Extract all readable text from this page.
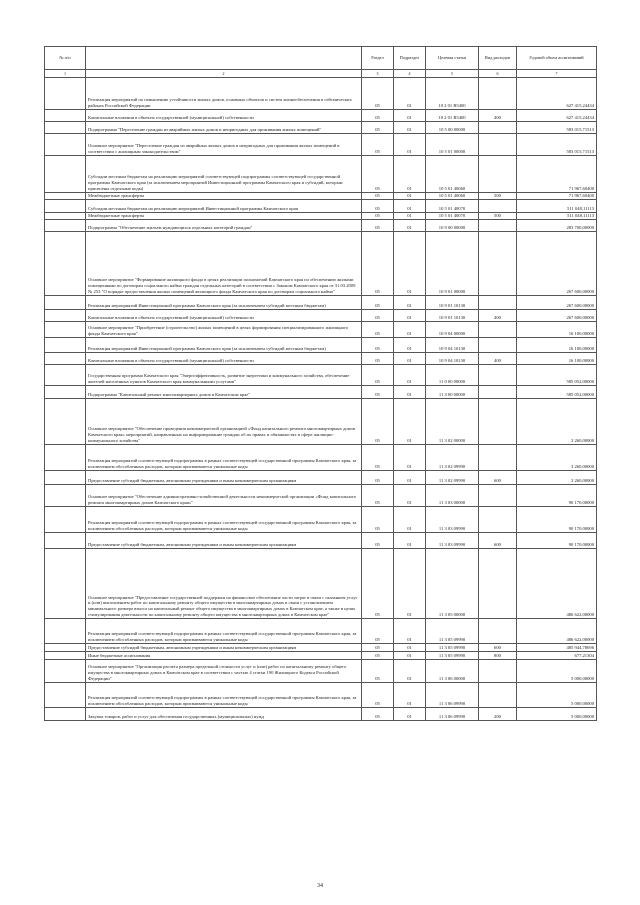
№ п/п		Раздел	Подраздел	Целевая статья	Вид расходов	Годовой объем ассигнований
1	2	3	4	5	6	7
	Реализация мероприятий по повышению устойчивости жилых домов, основных объектов и систем жизнеобеспечения в сейсмических районах Российской Федерации	05	01	10 2 01 R5400		627 415,24434
	Капитальные вложения в объекты государственной (муниципальной) собственности	05	01	10 2 01 R5400	400	627 415,24434
	Подпрограмма "Переселение граждан из аварийных жилых домов и непригодных для проживания жилых помещений"	05	01	10 5 00 00000		583 015,71513
	Основное мероприятие "Переселение граждан из аварийных жилых домов и непригодных для проживания жилых помещений в соответствии с жилищным законодательством"	05	01	10 5 01 00000		583 015,71513
	Субсидии местным бюджетам на реализацию мероприятий соответствующей подпрограммы соответствующей государственной программы Камчатского края (за исключением мероприятий Инвестиционной программы Камчатского края и субсидий, которым присвоены отдельные коды)	05	01	10 5 01 40060		71 967,60400
	Межбюджетные трансферты	05	01	10 5 01 40060	500	71 967,60400
	Субсидии местным бюджетам на реализацию мероприятий Инвестиционной программы Камчатского края	05	01	10 5 01 40070		511 048,11113
	Межбюджетные трансферты	05	01	10 5 01 40070	500	511 048,11113
	Подпрограмма "Обеспечение жильем нуждающихся отдельных категорий граждан"	05	01	10 9 00 00000		283 700,00000
	Основное мероприятие "Формирование жилищного фонда в целях реализации полномочий Камчатского края по обеспечению жилыми помещениями по договорам социального найма граждан отдельных категорий в соответствии с Законом Камчатского края от 31.03.2009 № 253 "О порядке предоставления жилых помещений жилищного фонда Камчатского края по договорам социального найма"	05	01	10 9 01 00000		267 600,00000
	Реализация мероприятий Инвестиционной программы Камчатского края (за исключением субсидий местным бюджетам)	05	01	10 9 01 10130		267 600,00000
	Капитальные вложения в объекты государственной (муниципальной) собственности	05	01	10 9 01 10130	400	267 600,00000
	Основное мероприятие "Приобретение (строительство) жилых помещений в целях формирования специализированного жилищного фонда Камчатского края"	05	01	10 9 04 00000		16 100,00000
	Реализация мероприятий Инвестиционной программы Камчатского края (за исключением субсидий местным бюджетам)	05	01	10 9 04 10130		16 100,00000
	Капитальные вложения в объекты государственной (муниципальной) собственности	05	01	10 9 04 10130	400	16 100,00000
	Государственная программа Камчатского края "Энергоэффективность, развитие энергетики и коммунального хозяйства, обеспечение жителей населенных пунктов Камчатского края коммунальными услугами"	05	01	11 0 00 00000		585 052,00000
	Подпрограмма "Капитальный ремонт многоквартирных домов в Камчатском крае"	05	01	11 3 00 00000		585 052,00000
	Основное мероприятие "Обеспечение проведения некоммерческой организацией «Фонд капитального ремонта многоквартирных домов Камчатского края» мероприятий, направленных на информирование граждан об их правах и обязанностях в сфере жилищно-коммунального хозяйства"	05	01	11 3 02 00000		3 260,00000
	Реализация мероприятий соответствующей подпрограммы в рамках соответствующей государственной программы Камчатского края, за исключением обособленных расходов, которым присваиваются уникальные коды	05	01	11 3 02 09990		3 260,00000
	Предоставление субсидий бюджетным, автономным учреждениям и иным некоммерческим организациям	05	01	11 3 02 09990	600	3 260,00000
	Основное мероприятие "Обеспечение административно-хозяйственной деятельности некоммерческой организации «Фонд капитального ремонта многоквартирных домов Камчатского края»"	05	01	11 3 03 00000		90 170,00000
	Реализация мероприятий соответствующей подпрограммы в рамках соответствующей государственной программы Камчатского края, за исключением обособленных расходов, которым присваиваются уникальные коды	05	01	11 3 03 09990		90 170,00000
	Предоставление субсидий бюджетным, автономным учреждениям и иным некоммерческим организациям	05	01	11 3 03 09990	600	90 170,00000
	Основное мероприятие "Предоставление государственной поддержки на финансовое обеспечение части затрат в связи с оказанием услуг и (или) выполнением работ по капитальному ремонту общего имущества в многоквартирных домах в связи с установлением минимального размера взноса на капитальный ремонт общего имущества в многоквартирных домах в Камчатском крае, а также в целях стимулирования деятельности по капитальному ремонту общего имущества в многоквартирных домах в Камчатском крае"	05	01	11 3 05 00000		486 622,00000
	Реализация мероприятий соответствующей подпрограммы в рамках соответствующей государственной программы Камчатского края, за исключением обособленных расходов, которым присваиваются уникальные коды	05	01	11 3 05 09990		486 622,00000
	Предоставление субсидий бюджетным, автономным учреждениям и иным некоммерческим организациям	05	01	11 3 05 09990	600	485 944,78696
	Иные бюджетные ассигнования	05	01	11 3 05 09990	800	677,21304
	Основное мероприятие "Организация расчета размера предельной стоимости услуг и (или) работ по капитальному ремонту общего имущества в многоквартирных домах в Камчатском крае в соответствии с частью 4 статьи 190 Жилищного Кодекса Российской Федерации"	05	01	11 3 06 00000		5 000,00000
	Реализация мероприятий соответствующей подпрограммы в рамках соответствующей государственной программы Камчатского края, за исключением обособленных расходов, которым присваиваются уникальные коды	05	01	11 3 06 09990		5 000,00000
	Закупка товаров, работ и услуг для обеспечения государственных (муниципальных) нужд	05	01	11 3 06 09990	200	5 000,00000
34
